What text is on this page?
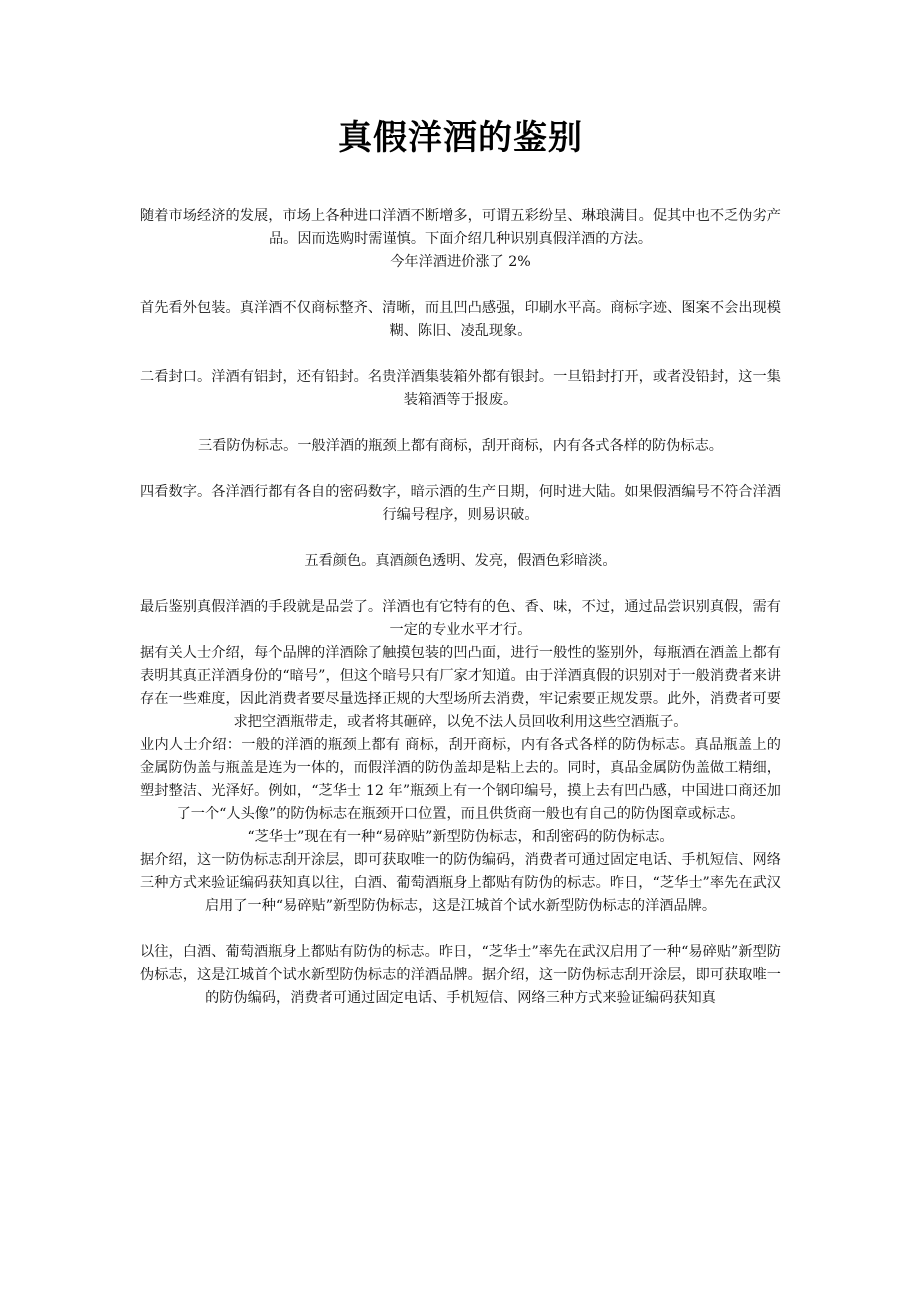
真假洋酒的鉴别

随着市场经济的发展，市场上各种进口洋酒不断增多，可谓五彩纷呈、琳琅满目。促其中也不乏伪劣产品。因而选购时需谨慎。下面介绍几种识别真假洋酒的方法。

今年洋酒进价涨了 2%

首先看外包装。真洋酒不仅商标整齐、清晰，而且凹凸感强，印刷水平高。商标字迹、图案不会出现模糊、陈旧、凌乱现象。

二看封口。洋酒有铝封，还有铅封。名贵洋酒集装箱外都有银封。一旦铅封打开，或者没铅封，这一集装箱酒等于报废。

三看防伪标志。一般洋酒的瓶颈上都有商标，刮开商标，内有各式各样的防伪标志。

四看数字。各洋酒行都有各自的密码数字，暗示酒的生产日期，何时进大陆。如果假酒编号不符合洋酒行编号程序，则易识破。

五看颜色。真酒颜色透明、发亮，假酒色彩暗淡。

最后鉴别真假洋酒的手段就是品尝了。洋酒也有它特有的色、香、味，不过，通过品尝识别真假，需有一定的专业水平才行。

据有关人士介绍，每个品牌的洋酒除了触摸包装的凹凸面，进行一般性的鉴别外，每瓶酒在酒盖上都有表明其真正洋酒身份的“暗号”，但这个暗号只有厂家才知道。由于洋酒真假的识别对于一般消费者来讲存在一些难度，因此消费者要尽量选择正规的大型场所去消费，牢记索要正规发票。此外，消费者可要求把空酒瓶带走，或者将其砸碎，以免不法人员回收利用这些空酒瓶子。

业内人士介绍：一般的洋酒的瓶颈上都有 商标，刮开商标，内有各式各样的防伪标志。真品瓶盖上的金属防伪盖与瓶盖是连为一体的，而假洋酒的防伪盖却是粘上去的。同时，真品金属防伪盖做工精细，塑封整洁、光泽好。例如，“芝华士 12 年”瓶颈上有一个钢印编号，摸上去有凹凸感，中国进口商还加了一个“人头像”的防伪标志在瓶颈开口位置，而且供货商一般也有自己的防伪图章或标志。

“芝华士”现在有一种“易碎贴”新型防伪标志，和刮密码的防伪标志。

据介绍，这一防伪标志刮开涂层，即可获取唯一的防伪编码，消费者可通过固定电话、手机短信、网络三种方式来验证编码获知真以往，白酒、葡萄酒瓶身上都贴有防伪的标志。昨日，“芝华士”率先在武汉启用了一种“易碎贴”新型防伪标志，这是江城首个试水新型防伪标志的洋酒品牌。

以往，白酒、葡萄酒瓶身上都贴有防伪的标志。昨日，“芝华士”率先在武汉启用了一种“易碎贴”新型防伪标志，这是江城首个试水新型防伪标志的洋酒品牌。据介绍，这一防伪标志刮开涂层，即可获取唯一的防伪编码，消费者可通过固定电话、手机短信、网络三种方式来验证编码获知真
